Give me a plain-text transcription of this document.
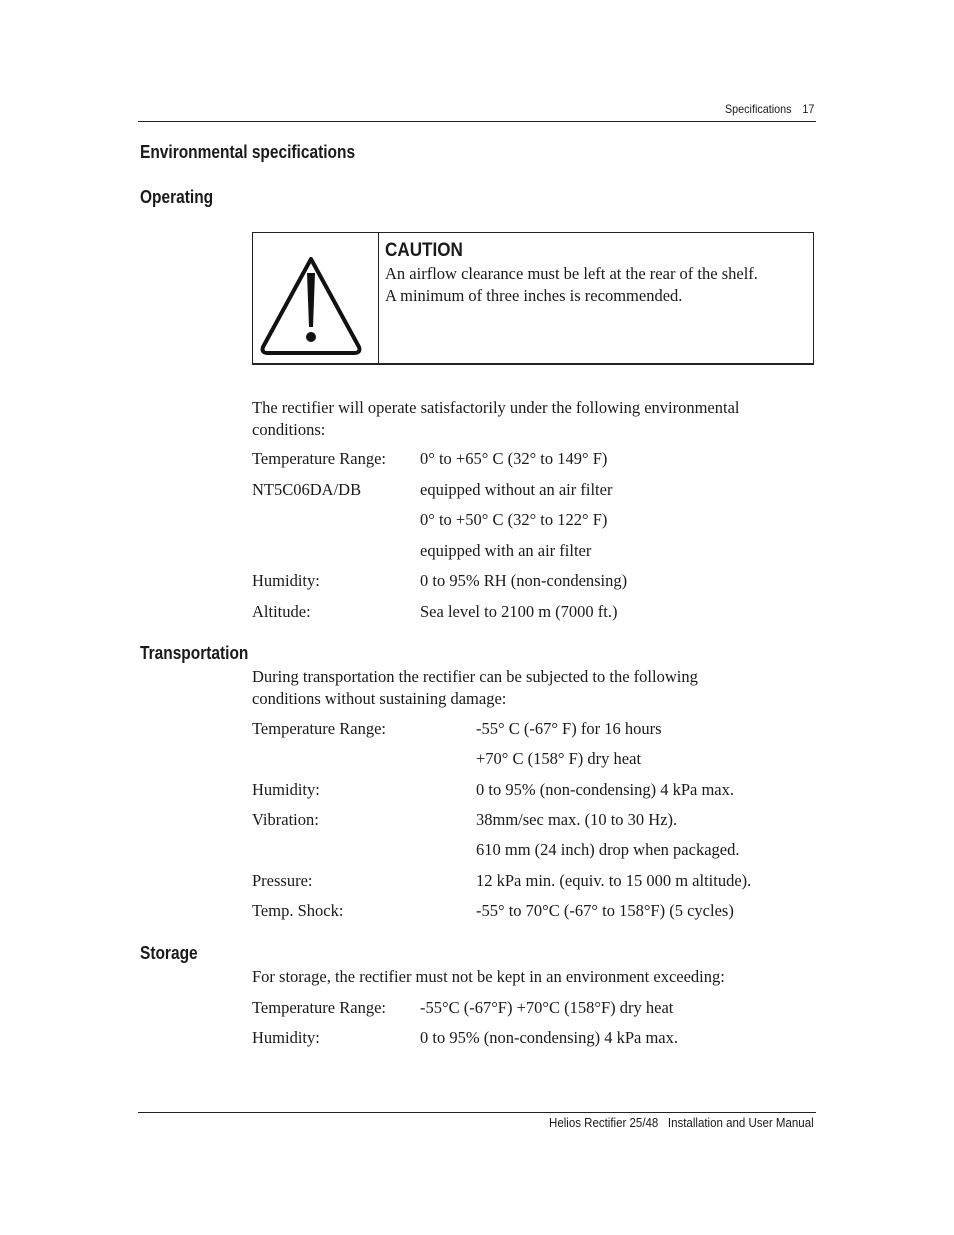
Specifications 17
Environmental specifications
Operating
CAUTION
An airflow clearance must be left at the rear of the shelf.
A minimum of three inches is recommended.
The rectifier will operate satisfactorily under the following environmental
conditions:
Temperature Range: 0° to +65° C (32° to 149° F)
NT5C06DA/DB	equipped without an air filter
0° to +50° C (32° to 122° F)
equipped with an air filter
Humidity:	0 to 95% RH (non-condensing)
Altitude:	Sea level to 2100 m (7000 ft.)
Transportation
During transportation the rectifier can be subjected to the following
conditions without sustaining damage:
Temperature Range:	-55° C (-67° F) for 16 hours
+70° C (158° F) dry heat
Humidity:	0 to 95% (non-condensing) 4 kPa max.
Vibration:	38mm/sec max. (10 to 30 Hz).
610 mm (24 inch) drop when packaged.
Pressure:	12 kPa min. (equiv. to 15 000 m altitude).
Temp. Shock:	-55° to 70°C (-67° to 158°F) (5 cycles)
Storage
For storage, the rectifier must not be kept in an environment exceeding:
Temperature Range: -55°C (-67°F) +70°C (158°F) dry heat
Humidity:	0 to 95% (non-condensing) 4 kPa max.
Helios Rectifier 25/48   Installation and User Manual
